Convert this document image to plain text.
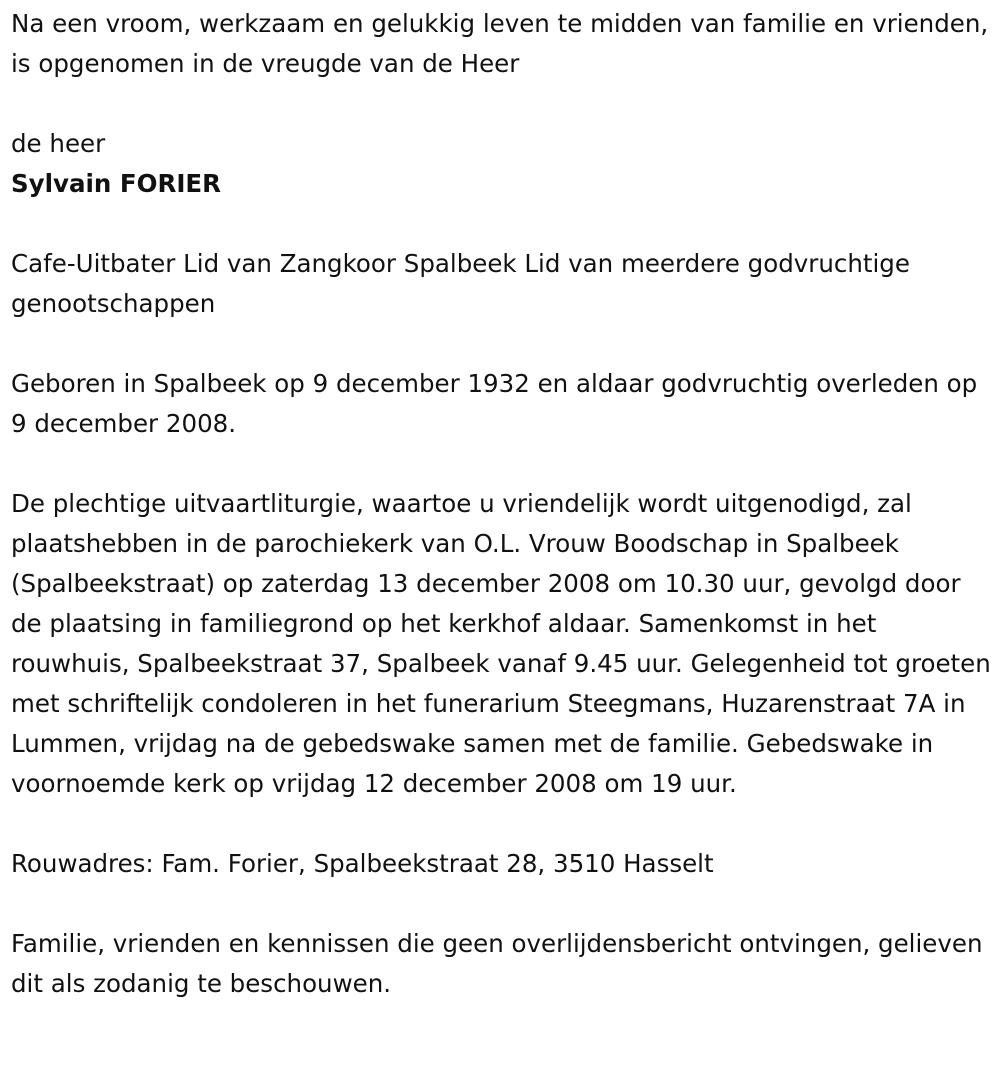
Na een vroom, werkzaam en gelukkig leven te midden van familie en vrienden, is opgenomen in de vreugde van de Heer

de heer

Sylvain FORIER

Cafe-Uitbater Lid van Zangkoor Spalbeek Lid van meerdere godvruchtige genootschappen

Geboren in Spalbeek op 9 december 1932 en aldaar godvruchtig overleden op 9 december 2008.

De plechtige uitvaartliturgie, waartoe u vriendelijk wordt uitgenodigd, zal plaatshebben in de parochiekerk van O.L. Vrouw Boodschap in Spalbeek (Spalbeekstraat) op zaterdag 13 december 2008 om 10.30 uur, gevolgd door de plaatsing in familiegrond op het kerkhof aldaar. Samenkomst in het rouwhuis, Spalbeekstraat 37, Spalbeek vanaf 9.45 uur. Gelegenheid tot groeten met schriftelijk condoleren in het funerarium Steegmans, Huzarenstraat 7A in Lummen, vrijdag na de gebedswake samen met de familie. Gebedswake in voornoemde kerk op vrijdag 12 december 2008 om 19 uur.

Rouwadres: Fam. Forier, Spalbeekstraat 28, 3510 Hasselt

Familie, vrienden en kennissen die geen overlijdensbericht ontvingen, gelieven dit als zodanig te beschouwen.
